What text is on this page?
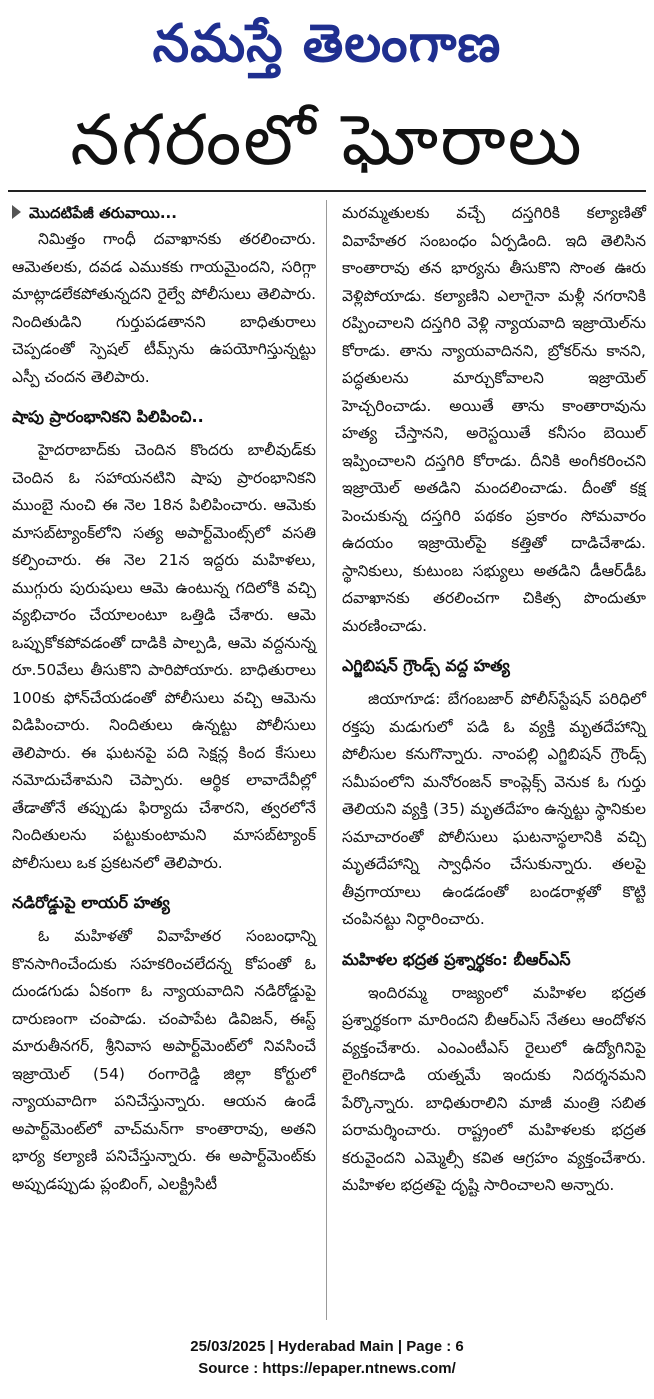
నమస్తే తెలంగాణ
నగరంలో ఘోరాలు
మొదటిపేజీ తరువాయి...

నిమిత్తం గాంధీ దవాఖానకు తరలించారు. ఆమెతలకు, దవడ ఎముకకు గాయమైందని, సరిగ్గా మాట్లాడలేకపోతున్నదని రైల్వే పోలీసులు తెలిపారు. నిందితుడిని గుర్తుపడతానని బాధితురాలు చెప్పడంతో స్పెషల్ టీమ్స్‌ను ఉపయోగిస్తున్నట్టు ఎస్పీ చందన తెలిపారు.

షాపు ప్రారంభానికని పిలిపించి..

హైదరాబాద్‌కు చెందిన కొందరు బాలీవుడ్‌కు చెందిన ఓ సహాయనటిని షాపు ప్రారంభానికని ముంబై నుంచి ఈ నెల 18న పిలిపించారు. ఆమెకు మాసబ్‌ట్యాంక్‌లోని సత్య అపార్ట్‌మెంట్స్‌లో వసతి కల్పించారు. ఈ నెల 21న ఇద్దరు మహిళలు, ముగ్గురు పురుషులు ఆమె ఉంటున్న గదిలోకి వచ్చి వ్యభిచారం చేయాలంటూ ఒత్తిడి చేశారు. ఆమె ఒప్పుకోకపోవడంతో దాడికి పాల్పడి, ఆమె వద్దనున్న రూ.50వేలు తీసుకొని పారిపోయారు. బాధితురాలు 100కు ఫోన్‌చేయడంతో పోలీసులు వచ్చి ఆమెను విడిపించారు. నిందితులు ఉన్నట్టు పోలీసులు తెలిపారు. ఈ ఘటనపై పది సెక్షన్ల కింద కేసులు నమోదుచేశామని చెప్పారు. ఆర్థిక లావాదేవీల్లో తేడాతోనే తప్పుడు ఫిర్యాదు చేశారని, త్వరలోనే నిందితులను పట్టుకుంటామని మాసబ్‌ట్యాంక్ పోలీసులు ఒక ప్రకటనలో తెలిపారు.

నడిరోడ్డుపై లాయర్ హత్య

ఓ మహిళతో వివాహేతర సంబంధాన్ని కొనసాగించేందుకు సహకరించలేదన్న కోపంతో ఓ దుండగుడు ఏకంగా ఓ న్యాయవాదిని నడిరోడ్డుపై దారుణంగా చంపాడు. చంపాపేట డివిజన్, ఈస్ట్ మారుతీనగర్, శ్రీనివాస అపార్ట్‌మెంట్‌లో నివసించే ఇజ్రాయెల్ (54) రంగారెడ్డి జిల్లా కోర్టులో న్యాయవాదిగా పనిచేస్తున్నారు. ఆయన ఉండే అపార్ట్‌మెంట్‌లో వాచ్‌మన్‌గా కాంతారావు, అతని భార్య కల్యాణి పనిచేస్తున్నారు. ఈ అపార్ట్‌మెంట్‌కు అప్పుడప్పుడు ప్లంబింగ్, ఎలక్ట్రిసిటీ

మరమ్మతులకు వచ్చే దస్తగిరికి కల్యాణితో వివాహేతర సంబంధం ఏర్పడింది. ఇది తెలిసిన కాంతారావు తన భార్యను తీసుకొని సొంత ఊరు వెళ్లిపోయాడు. కల్యాణిని ఎలాగైనా మళ్లీ నగరానికి రప్పించాలని దస్తగిరి వెళ్లి న్యాయవాది ఇజ్రాయెల్‌ను కోరాడు. తాను న్యాయవాదినని, బ్రోకర్‌ను కానని, పద్ధతులను మార్చుకోవాలని ఇజ్రాయెల్ హెచ్చరించాడు. అయితే తాను కాంతారావును హత్య చేస్తానని, అరెస్టయితే కనీసం బెయిల్ ఇప్పించాలని దస్తగిరి కోరాడు. దీనికి అంగీకరించని ఇజ్రాయెల్ అతడిని మందలించాడు. దీంతో కక్ష పెంచుకున్న దస్తగిరి పథకం ప్రకారం సోమవారం ఉదయం ఇజ్రాయెల్‌పై కత్తితో దాడిచేశాడు. స్థానికులు, కుటుంబ సభ్యులు అతడిని డీఆర్‌డీఓ దవాఖానకు తరలించగా చికిత్స పొందుతూ మరణించాడు.

ఎగ్జిబిషన్ గ్రౌండ్స్ వద్ద హత్య

జియాగూడ: బేగంబజార్ పోలీస్‌స్టేషన్ పరిధిలో రక్తపు మడుగులో పడి ఓ వ్యక్తి మృతదేహాన్ని పోలీసుల కనుగొన్నారు. నాంపల్లి ఎగ్జిబిషన్ గ్రౌండ్స్ సమీపంలోని మనోరంజన్ కాంప్లెక్స్ వెనుక ఓ గుర్తు తెలియని వ్యక్తి (35) మృతదేహం ఉన్నట్టు స్థానికుల సమాచారంతో పోలీసులు ఘటనాస్థలానికి వచ్చి మృతదేహాన్ని స్వాధీనం చేసుకున్నారు. తలపై తీవ్రగాయాలు ఉండడంతో బండరాళ్లతో కొట్టి చంపినట్టు నిర్ధారించారు.

మహిళల భద్రత ప్రశ్నార్థకం: బీఆర్‌ఎస్

ఇందిరమ్మ రాజ్యంలో మహిళల భద్రత ప్రశ్నార్థకంగా మారిందని బీఆర్‌ఎస్ నేతలు ఆందోళన వ్యక్తంచేశారు. ఎంఎంటీఎస్ రైలులో ఉద్యోగినిపై లైంగికదాడి యత్నమే ఇందుకు నిదర్శనమని పేర్కొన్నారు. బాధితురాలిని మాజీ మంత్రి సబిత పరామర్శించారు. రాష్ట్రంలో మహిళలకు భద్రత కరువైందని ఎమ్మెల్సీ కవిత ఆగ్రహం వ్యక్తంచేశారు. మహిళల భద్రతపై దృష్టి సారించాలని అన్నారు.

25/03/2025 | Hyderabad Main | Page : 6
Source : https://epaper.ntnews.com/
